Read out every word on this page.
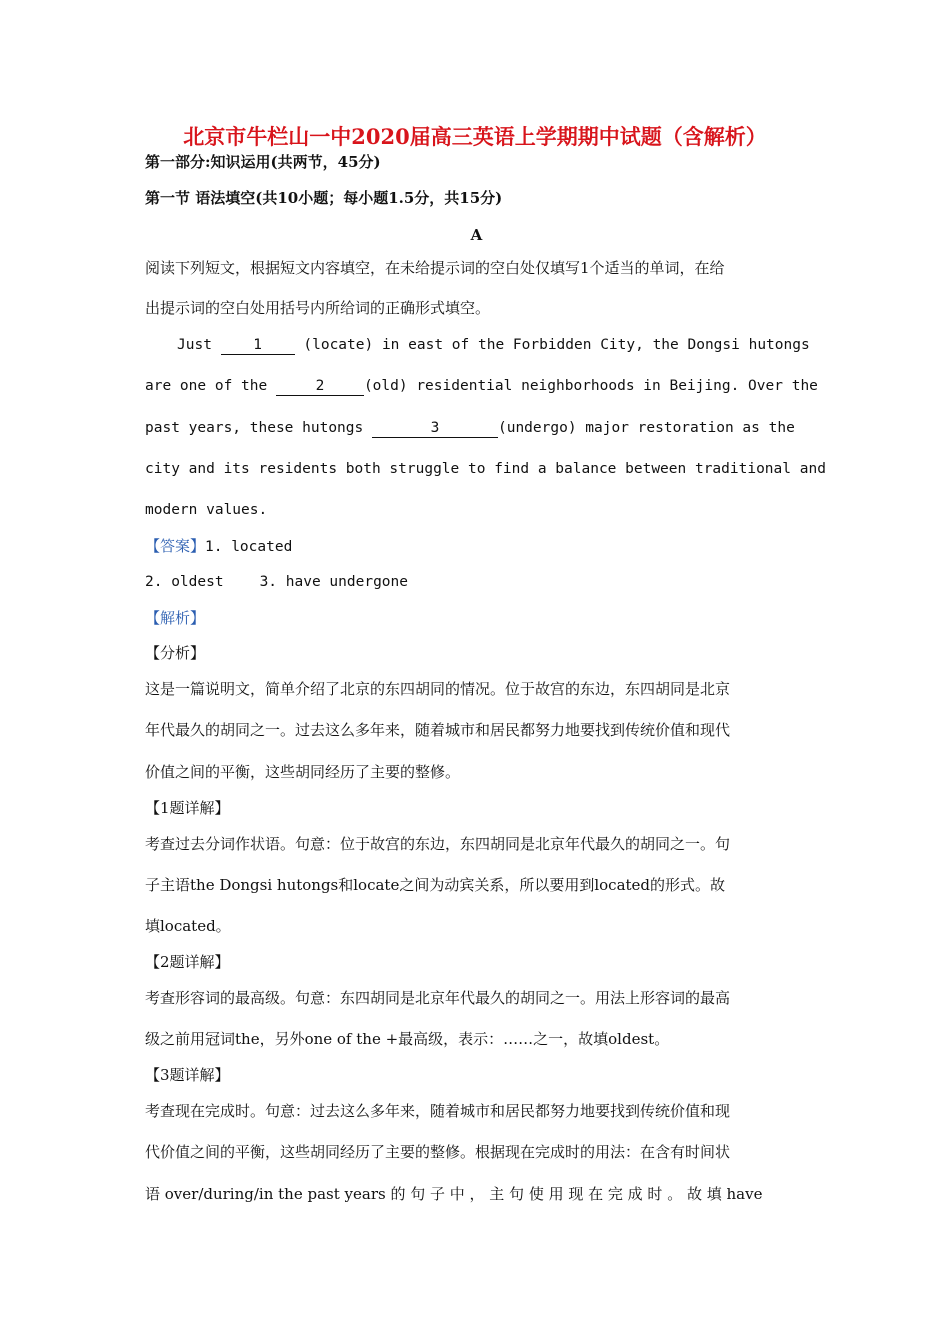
北京市牛栏山一中2020届高三英语上学期期中试题（含解析）
第一部分:知识运用(共两节，45分)
第一节 语法填空(共10小题；每小题1.5分，共15分)
A
阅读下列短文，根据短文内容填空，在未给提示词的空白处仅填写1个适当的单词，在给
出提示词的空白处用括号内所给词的正确形式填空。
Just 1 (locate) in east of the Forbidden City, the Dongsi hutongs
are one of the	2	(old) residential neighborhoods in Beijing. Over the
past years, these hutongs	3	(undergo) major restoration as the
city and its residents both struggle to find a balance between traditional and
modern values.
【答案】1. located
2. oldest 3. have undergone
【解析】
【分析】
这是一篇说明文，简单介绍了北京的东四胡同的情况。位于故宫的东边，东四胡同是北京
年代最久的胡同之一。过去这么多年来，随着城市和居民都努力地要找到传统价值和现代
价值之间的平衡，这些胡同经历了主要的整修。
【1题详解】
考查过去分词作状语。句意：位于故宫的东边，东四胡同是北京年代最久的胡同之一。句
子主语the Dongsi hutongs和locate之间为动宾关系，所以要用到located的形式。故
填located。
【2题详解】
考查形容词的最高级。句意：东四胡同是北京年代最久的胡同之一。用法上形容词的最高
级之前用冠词the，另外one of the +最高级，表示：……之一，故填oldest。
【3题详解】
考查现在完成时。句意：过去这么多年来，随着城市和居民都努力地要找到传统价值和现
代价值之间的平衡，这些胡同经历了主要的整修。根据现在完成时的用法：在含有时间状
语 over/during/in the past years 的 句 子 中 ， 主 句 使 用 现 在 完 成 时 。 故 填 have
